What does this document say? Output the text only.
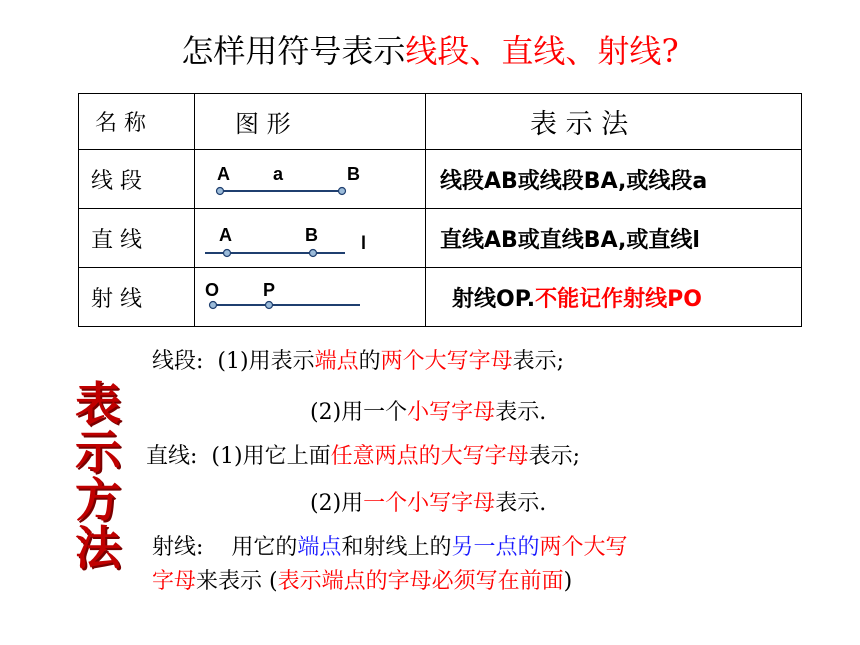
怎样用符号表示线段、直线、射线?
名 称	图 形	表 示 法
线 段	A a B	线段AB或线段BA,或线段a
直 线	A B l	直线AB或直线BA,或直线l
射 线	O P	射线OP.不能记作射线PO
表
示
方
法
线段: (1)用表示端点的两个大写字母表示;
(2)用一个小写字母表示.
直线: (1)用它上面任意两点的大写字母表示;
(2)用一个小写字母表示.
射线: 用它的端点和射线上的另一点的两个大写
字母来表示 (表示端点的字母必须写在前面)
